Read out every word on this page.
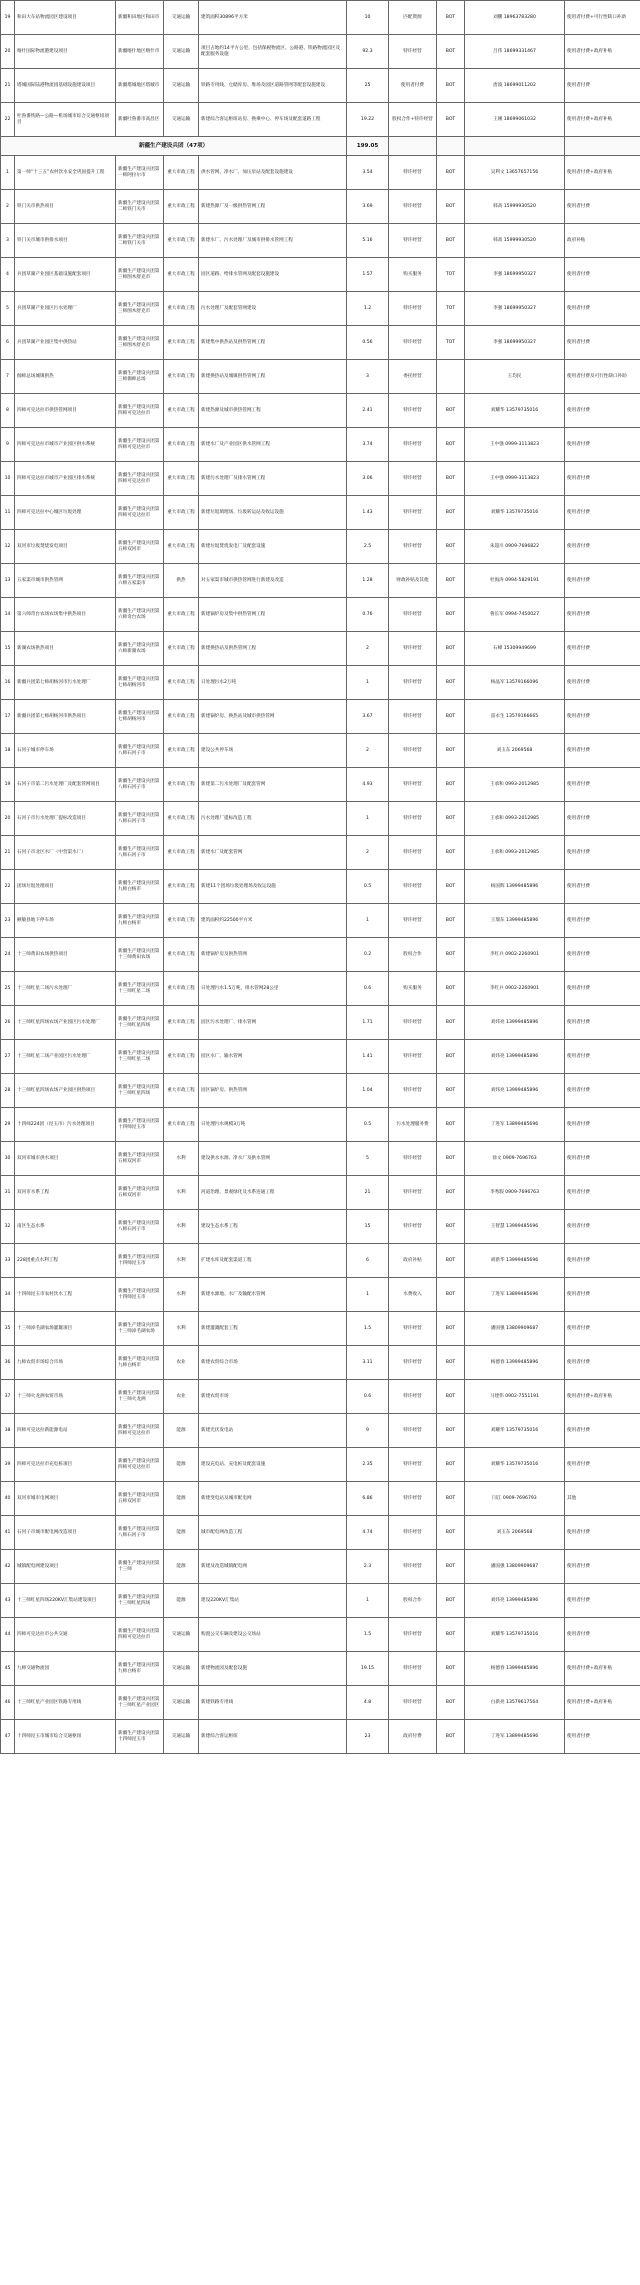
19	和田大车站物流园区建设项目	新疆和田地区和田市	交通运输	建筑面积30896平方米	10	匹配资源	BOT	刘鹏 18963783280	使用者付费+可行性缺口补助
20	喀什国际物流港建设项目	新疆喀什地区喀什市	交通运输	项目占地约14平方公里，包括保税物流区、公路港、铁路物流园区及配套服务设施	92.3	特许经营	BOT	吕伟 18699331467	使用者付费+政府补贴
21	塔城国际陆港物流园基础设施建设项目	新疆塔城地区塔城市	交通运输	铁路专用线、仓储库房、堆场及园区道路管网等配套设施建设	25	使用者付费	BOT	唐波 18699011202	使用者付费
22	吐鲁番铁路—公路—机场城市综合交通枢纽项目	新疆吐鲁番市高昌区	交通运输	新建综合客运枢纽站房、换乘中心、停车场及配套道路工程	19.22	股权合作+特许经营	BOT	王刚 18699061032	使用者付费+政府补贴
新疆生产建设兵团（47项）					199.05				
1	第一师“十三五”农村饮水安全巩固提升工程	新疆生产建设兵团第一师阿拉尔市	重大市政工程	供水管网、净水厂、加压泵站及配套设施建设	3.54	特许经营	BOT	吴利文 13657657156	使用者付费+政府补贴
2	铁门关市供热项目	新疆生产建设兵团第二师铁门关市	重大市政工程	新建热源厂及一级供热管网工程	3.69	特许经营	BOT	韩高 15999930520	使用者付费
3	铁门关市城市供排水项目	新疆生产建设兵团第二师铁门关市	重大市政工程	新建水厂、污水处理厂及城市供排水管网工程	5.16	特许经营	BOT	韩高 15999930520	政府补贴
4	兵团草湖产业园区基础设施配套项目	新疆生产建设兵团第三师图木舒克市	重大市政工程	园区道路、给排水管网及配套设施建设	1.57	购买服务	TOT	李强 18699950327	使用者付费
5	兵团草湖产业园区污水处理厂	新疆生产建设兵团第三师图木舒克市	重大市政工程	污水处理厂及配套管网建设	1.2	特许经营	TOT	李强 18699950327	使用者付费
6	兵团草湖产业园区集中供热站	新疆生产建设兵团第三师图木舒克市	重大市政工程	新建集中供热站及供热管网工程	0.56	特许经营	TOT	李强 18699950327	使用者付费
7	伽师总场城镇供热	新疆生产建设兵团第三师伽师总场	重大市政工程	新建换热站及城镇供热管网工程	3	委托经营		王均民	使用者付费及可行性缺口补助
8	四师可克达拉市供热管网项目	新疆生产建设兵团第四师可克达拉市	重大市政工程	新建热源及城市供热管网工程	2.41	特许经营	BOT	刘耀华 13579735016	使用者付费
9	四师可克达拉市城市产业园区供水系统	新疆生产建设兵团第四师可克达拉市	重大市政工程	新建水厂及产业园区供水管网工程	3.74	特许经营	BOT	王中强 0999-3113823	使用者付费
10	四师可克达拉市城市产业园区排水系统	新疆生产建设兵团第四师可克达拉市	重大市政工程	新建污水处理厂及排水管网工程	3.06	特许经营	BOT	王中强 0999-3113823	使用者付费
11	四师可克达拉中心城区垃圾处理	新疆生产建设兵团第四师可克达拉市	重大市政工程	新建垃圾填埋场、垃圾转运站及收运设施	1.43	特许经营	BOT	刘耀华 13579735016	使用者付费
12	双河市垃圾焚烧发电项目	新疆生产建设兵团第五师双河市	重大市政工程	新建垃圾焚烧发电厂及配套设施	2.5	特许经营	BOT	朱超川 0909-7696822	使用者付费
13	五家渠市城市供热管网	新疆生产建设兵团第六师五家渠市	供热	对五家渠市城市供热管网进行新建及改造	1.28	财政补贴及其他	BOT	杜海涛 0994-5829191	使用者付费
14	第六师奇台农场农场集中供热项目	新疆生产建设兵团第六师奇台农场	重大市政工程	新建锅炉房及集中供热管网工程	0.76	特许经营	BOT	鲁长军 0994-7450027	使用者付费
15	新湖农场供热项目	新疆生产建设兵团第六师新湖农场	重大市政工程	新建换热站及供热管网工程	2	特许经营	BOT	石峰 15309949699	使用者付费
16	新疆兵团第七师胡杨河市污水处理厂	新疆生产建设兵团第七师胡杨河市	重大市政工程	日处理污水2万吨	1	特许经营	BOT	杨晶军 13579166096	使用者付费
17	新疆兵团第七师胡杨河市供热项目	新疆生产建设兵团第七师胡杨河市	重大市政工程	新建锅炉房、换热站及城市供热管网	3.67	特许经营	BOT	雷永生 13579166665	使用者付费
18	石河子城市停车场	新疆生产建设兵团第八师石河子市	重大市政工程	建设公共停车场	2	特许经营	BOT	刘玉东 2069568	使用者付费
19	石河子市第二污水处理厂及配套管网项目	新疆生产建设兵团第八师石河子市	重大市政工程	新建第二污水处理厂及配套管网	4.93	特许经营	BOT	王承和 0993-2012985	使用者付费
20	石河子市污水处理厂提标改造项目	新疆生产建设兵团第八师石河子市	重大市政工程	污水处理厂提标改造工程	1	特许经营	BOT	王承和 0993-2012985	使用者付费
21	石河子市北区水厂（中营渠水厂）	新疆生产建设兵团第八师石河子市	重大市政工程	新建水厂及配套管网	2	特许经营	BOT	王承和 0993-2012985	使用者付费
22	团场垃圾处理项目	新疆生产建设兵团第九师白杨市	重大市政工程	新建11个团场垃圾处理场及收运设施	0.5	特许经营	BOT	杨国辉 13999485896	使用者付费
23	额敏县地下停车场	新疆生产建设兵团第九师白杨市	重大市政工程	建筑面积约22500平方米	1	特许经营	BOT	王瑞东 13999485896	使用者付费
24	十三师黄田农场供热项目	新疆生产建设兵团第十三师黄田农场	重大市政工程	新建锅炉房及供热管网	0.2	股权合作	BOT	李红兵 0902-2260901	使用者付费
25	十三师红星二场污水处理厂	新疆生产建设兵团第十三师红星二场	重大市政工程	日处理污水1.5万吨，排水管网28公里	0.6	购买服务	BOT	李红兵 0902-2260901	使用者付费
26	十三师红星四场农场产业园区污水处理厂	新疆生产建设兵团第十三师红星四场	重大市政工程	园区污水处理厂、排水管网	1.71	特许经营	BOT	刘炜亮 13999485896	使用者付费
27	十三师红星二场产业园区污水处理厂	新疆生产建设兵团第十三师红星二场	重大市政工程	园区水厂、输水管网	1.41	特许经营	BOT	刘炜亮 13999485896	使用者付费
28	十三师红星四场农场产业园区供热项目	新疆生产建设兵团第十三师红星四场	重大市政工程	园区锅炉房、供热管网	1.04	特许经营	BOT	刘炜亮 13999485896	使用者付费
29	十四师224团（昆玉市）污水处理项目	新疆生产建设兵团第十四师昆玉市	重大市政工程	日处理污水规模3万吨	0.5	污水处理服务费	BOT	丁进军 13899485696	使用者付费
30	双河市城市供水项目	新疆生产建设兵团第五师双河市	水利	建设供水水源、净水厂及供水管网	5	特许经营	BOT	徐文 0909-7696763	使用者付费
31	双河市水系工程	新疆生产建设兵团第五师双河市	水利	河道治理、景观绿化及水系连通工程	21	特许经营	BOT	李秀瑕 0909-7696763	使用者付费
32	南区生态水系	新疆生产建设兵团第八师石河子市	水利	建设生态水系工程	15	特许经营	BOT	王智慧 13999485696	使用者付费
33	228团重点水利工程	新疆生产建设兵团第十四师昆玉市	水利	扩建水库及配套渠道工程	6	政府补贴	BOT	胡新华 13999485696	使用者付费
34	十四师昆玉市农村饮水工程	新疆生产建设兵团第十四师昆玉市	水利	新建水源地、水厂及输配水管网	1	水费收入	BOT	丁进军 13899485696	使用者付费
35	十三师淖毛湖农场灌溉项目	新疆生产建设兵团第十三师淖毛湖农场	水利	新建灌溉配套工程	1.5	特许经营	BOT	潘国强 13809909687	使用者付费
36	九师农贸市场综合市场	新疆生产建设兵团第九师白杨市	农业	新建农贸综合市场	3.11	特许经营	BOT	杨德春 13999485896	使用者付费
37	十三师火龙洲农贸市场	新疆生产建设兵团第十三师火龙洲	农业	新建农贸市场	0.6	特许经营	BOT	马建伟 0902-7551191	使用者付费+政府补贴
38	四师可克达拉新能源电站	新疆生产建设兵团第四师可克达拉市	能源	新建光伏发电站	9	特许经营	BOT	刘耀华 13579735016	使用者付费
39	四师可克达拉市充电桩项目	新疆生产建设兵团第四师可克达拉市	能源	建设充电站、充电桩及配套设施	2.35	特许经营	BOT	刘耀华 13579735016	使用者付费
40	双河市城市电网项目	新疆生产建设兵团第五师双河市	能源	新建变电站及城市配电网	6.86	特许经营	BOT	闫江 0909-7696793	其他
41	石河子市城市配电网改造项目	新疆生产建设兵团第八师石河子市	能源	城市配电网改造工程	4.74	特许经营	BOT	刘玉东 2069568	使用者付费
42	城镇配电网建设项目	新疆生产建设兵团第十三师	能源	新建及改造城镇配电网	2.3	特许经营	BOT	潘国强 13809909687	使用者付费
43	十三师红星四场220KV汇集站建设项目	新疆生产建设兵团第十三师红星四场	能源	建设220KV汇集站	1	股权合作	BOT	刘炜亮 13999485896	使用者付费
44	四师可克达拉市公共交通	新疆生产建设兵团第四师可克达拉市	交通运输	购置公交车辆及建设公交场站	1.5	特许经营	BOT	刘耀华 13579735016	使用者付费
45	九师交通物流园	新疆生产建设兵团第九师白杨市	交通运输	新建物流园及配套设施	19.15	特许经营	BOT	杨德春 13999485896	使用者付费+政府补贴
46	十三师红星产业园区铁路专用线	新疆生产建设兵团第十三师红星产业园区	交通运输	新建铁路专用线	4.8	特许经营	BOT	白新亮 13579617564	使用者付费+政府补贴
47	十四师昆玉市城市综合交通枢纽	新疆生产建设兵团第十四师昆玉市	交通运输	新建综合客运枢纽	23	政府付费	BOT	丁进军 13899485696	使用者付费
